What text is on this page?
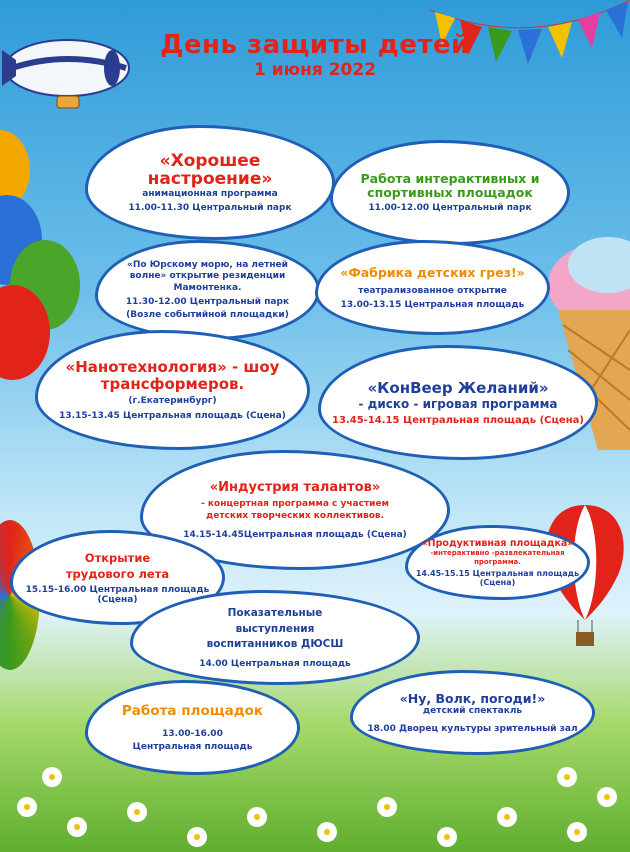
День защиты детей
1 июня 2022
«Хорошее настроение»
анимационная программа
11.00-11.30 Центральный парк
Работа интерактивных и спортивных площадок
11.00-12.00 Центральный парк
«По Юрскому морю, на летней волне» открытие резиденции Мамонтенка.
11.30-12.00 Центральный парк
(Возле событийной площадки)
«Фабрика детских грез!»
театрализованное открытие
13.00-13.15 Центральная площадь
«Нанотехнология» - шоу трансформеров.
(г.Екатеринбург)
13.15-13.45 Центральная площадь (Сцена)
«КонВеер Желаний»
- диско - игровая программа
13.45-14.15 Центральная площадь (Сцена)
«Индустрия талантов»
- концертная программа с участием детских творческих коллективов.
14.15-14.45Центральная площадь (Сцена)
Открытие трудового лета
15.15-16.00 Центральная площадь (Сцена)
«Продуктивная площадка»
-интерактивно -развлекательная программа.
14.45-15.15 Центральная площадь (Сцена)
Показательные выступления воспитанников ДЮСШ
14.00 Центральная площадь
«Ну, Волк, погоди!»
детский спектакль
18.00 Дворец культуры зрительный зал
Работа площадок
13.00-16.00
Центральная площадь
